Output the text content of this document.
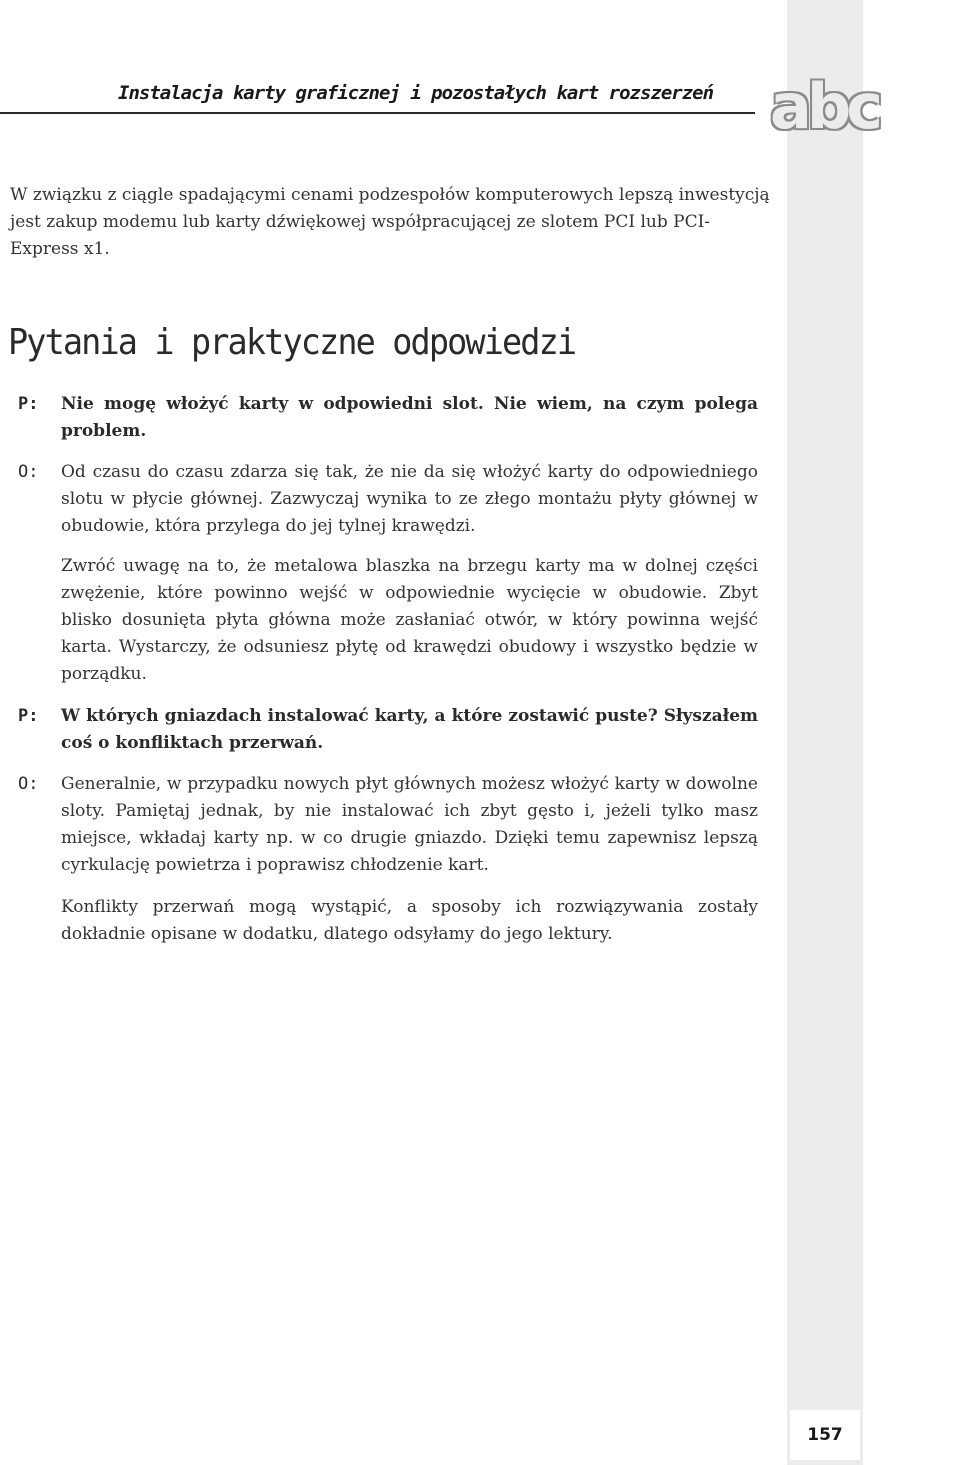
abc
Instalacja karty graficznej i pozostałych kart rozszerzeń
W związku z ciągle spadającymi cenami podzespołów komputerowych lepszą inwestycją jest zakup modemu lub karty dźwiękowej współpracującej ze slotem PCI lub PCI-Express x1.
Pytania i praktyczne odpowiedzi
P: Nie mogę włożyć karty w odpowiedni slot. Nie wiem, na czym polega problem.
O: Od czasu do czasu zdarza się tak, że nie da się włożyć karty do odpowiedniego slotu w płycie głównej. Zazwyczaj wynika to ze złego montażu płyty głównej w obudowie, która przylega do jej tylnej krawędzi.
Zwróć uwagę na to, że metalowa blaszka na brzegu karty ma w dolnej części zwężenie, które powinno wejść w odpowiednie wycięcie w obudowie. Zbyt blisko dosunięta płyta główna może zasłaniać otwór, w który powinna wejść karta. Wystarczy, że odsuniesz płytę od krawędzi obudowy i wszystko będzie w porządku.
P: W których gniazdach instalować karty, a które zostawić puste? Słyszałem coś o konfliktach przerwań.
O: Generalnie, w przypadku nowych płyt głównych możesz włożyć karty w dowolne sloty. Pamiętaj jednak, by nie instalować ich zbyt gęsto i, jeżeli tylko masz miejsce, wkładaj karty np. w co drugie gniazdo. Dzięki temu zapewnisz lepszą cyrkulację powietrza i poprawisz chłodzenie kart.
Konflikty przerwań mogą wystąpić, a sposoby ich rozwiązywania zostały dokładnie opisane w dodatku, dlatego odsyłamy do jego lektury.
157
